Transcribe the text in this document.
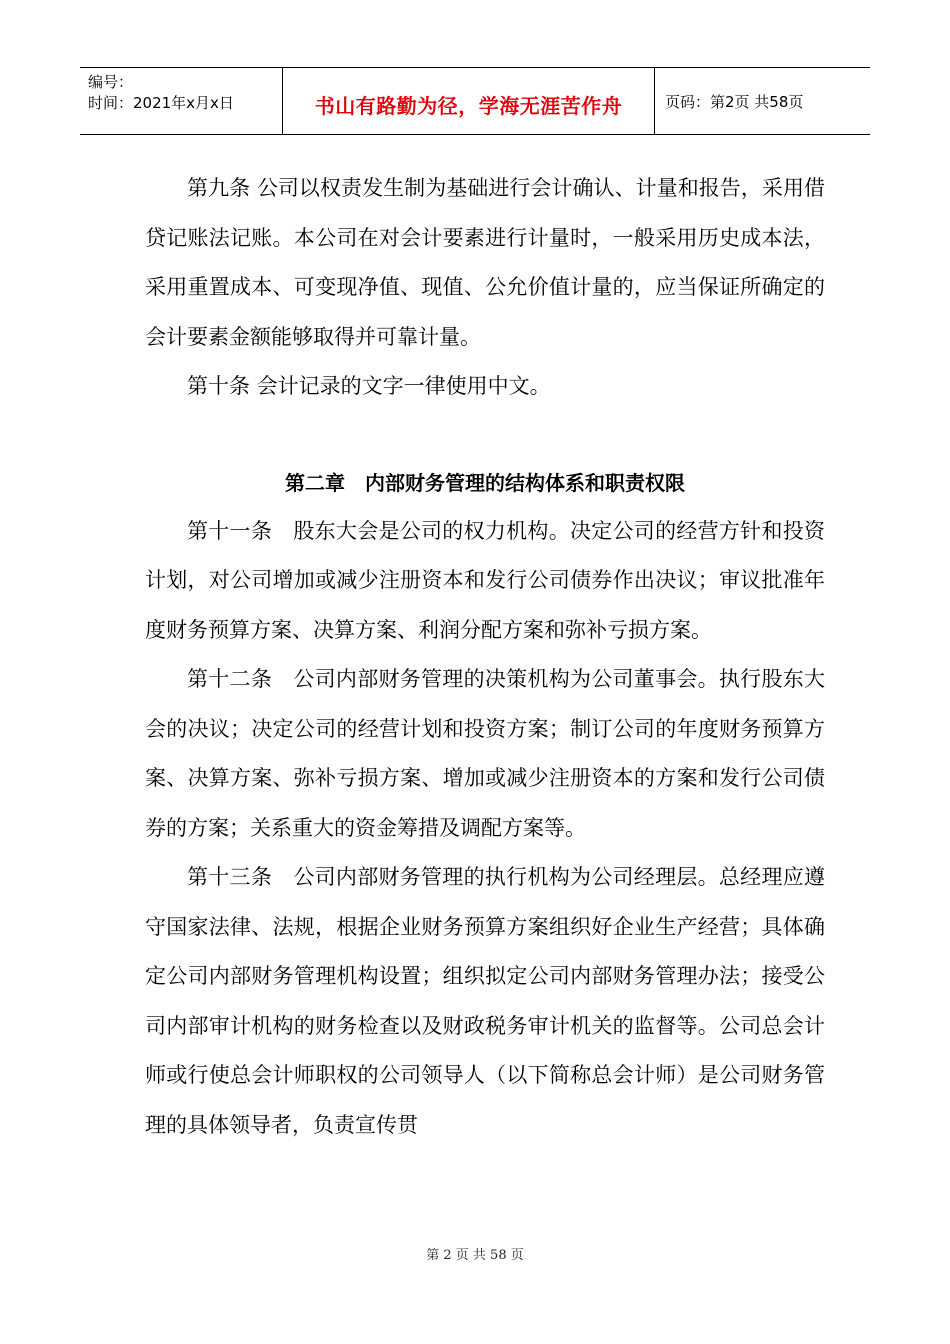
编号：
时间：2021年x月x日	书山有路勤为径，学海无涯苦作舟	页码：第2页 共58页

第九条 公司以权责发生制为基础进行会计确认、计量和报告，采用借贷记账法记账。本公司在对会计要素进行计量时，一般采用历史成本法，采用重置成本、可变现净值、现值、公允价值计量的，应当保证所确定的会计要素金额能够取得并可靠计量。

第十条 会计记录的文字一律使用中文。

第二章　内部财务管理的结构体系和职责权限

第十一条　股东大会是公司的权力机构。决定公司的经营方针和投资计划，对公司增加或减少注册资本和发行公司债券作出决议；审议批准年度财务预算方案、决算方案、利润分配方案和弥补亏损方案。

第十二条　公司内部财务管理的决策机构为公司董事会。执行股东大会的决议；决定公司的经营计划和投资方案；制订公司的年度财务预算方案、决算方案、弥补亏损方案、增加或减少注册资本的方案和发行公司债券的方案；关系重大的资金筹措及调配方案等。

第十三条　公司内部财务管理的执行机构为公司经理层。总经理应遵守国家法律、法规，根据企业财务预算方案组织好企业生产经营；具体确定公司内部财务管理机构设置；组织拟定公司内部财务管理办法；接受公司内部审计机构的财务检查以及财政税务审计机关的监督等。公司总会计师或行使总会计师职权的公司领导人（以下简称总会计师）是公司财务管理的具体领导者，负责宣传贯

第 2 页 共 58 页
